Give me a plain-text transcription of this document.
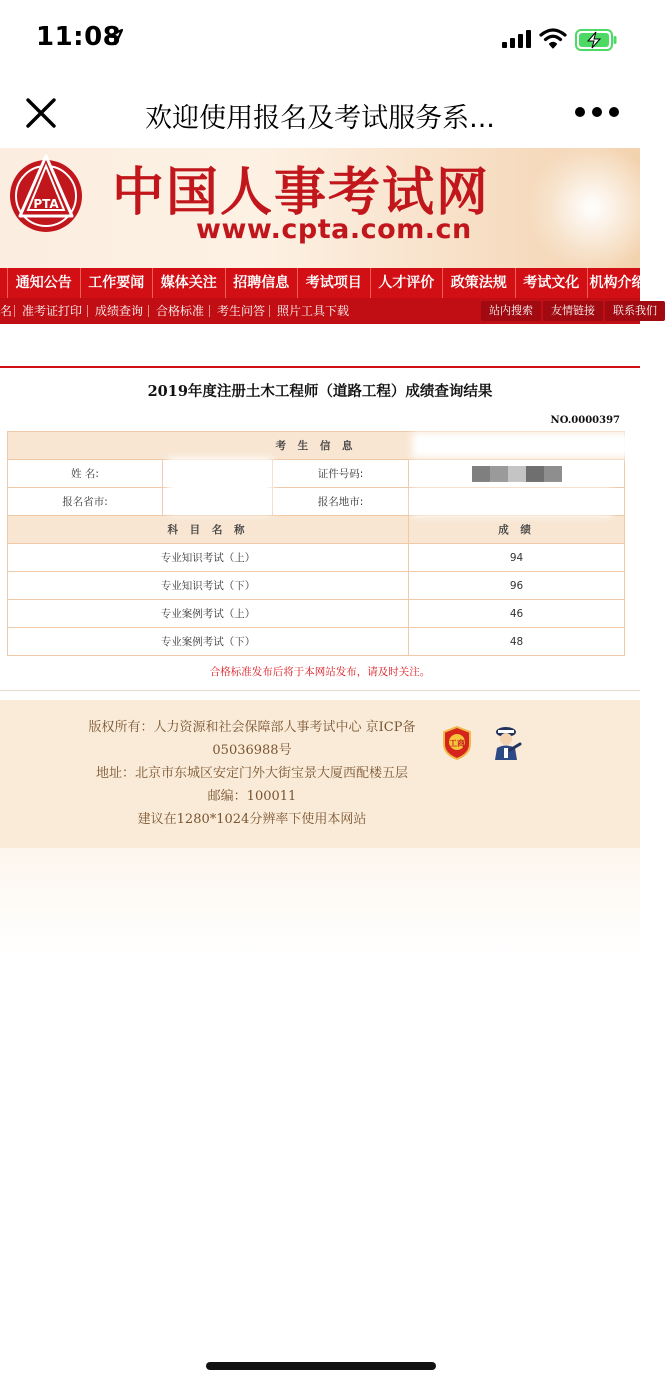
11:08
欢迎使用报名及考试服务系...
PTA 中国人事考试网
www.cpta.com.cn
通知公告	工作要闻	媒体关注	招聘信息	考试项目	人才评价	政策法规	考试文化 机构介绍
名 准考证打印 成绩查询 合格标准 考生问答 照片工具下载	站内搜索	友情链接	联系我们
2019年度注册土木工程师（道路工程）成绩查询结果
NO.0000397
考 生 信 息			
姓 名:		证件号码:	
报名省市:		报名地市:	
科 目 名 称			成 绩
专业知识考试（上）			94
专业知识考试（下）			96
专业案例考试（上）			46
专业案例考试（下）			48
合格标准发布后将于本网站发布，请及时关注。
版权所有：人力资源和社会保障部人事考试中心 京ICP备
05036988号
地址：北京市东城区安定门外大街宝景大厦西配楼五层
邮编：100011
建议在1280*1024分辨率下使用本网站
工商
